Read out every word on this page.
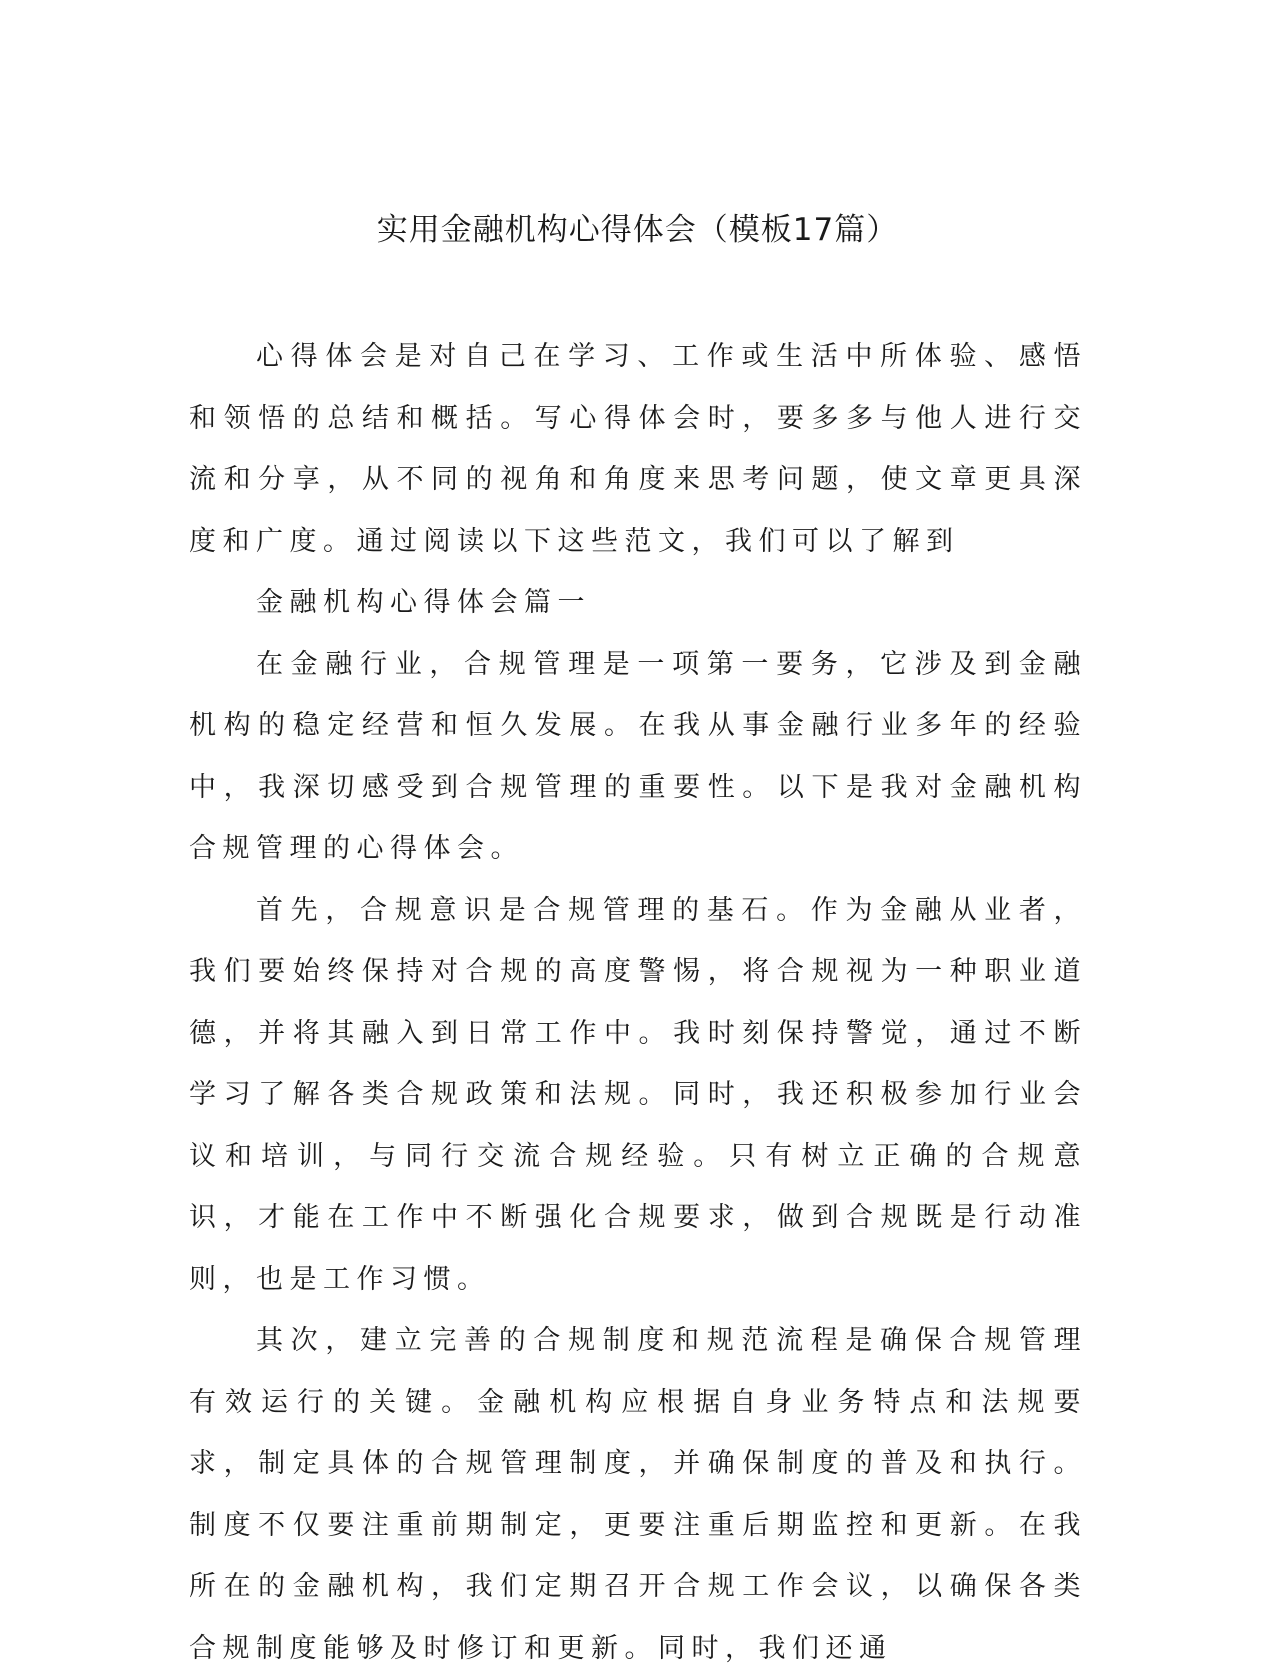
实用金融机构心得体会（模板17篇）

心得体会是对自己在学习、工作或生活中所体验、感悟和领悟的总结和概括。写心得体会时，要多多与他人进行交流和分享，从不同的视角和角度来思考问题，使文章更具深度和广度。通过阅读以下这些范文，我们可以了解到

金融机构心得体会篇一

在金融行业，合规管理是一项第一要务，它涉及到金融机构的稳定经营和恒久发展。在我从事金融行业多年的经验中，我深切感受到合规管理的重要性。以下是我对金融机构合规管理的心得体会。

首先，合规意识是合规管理的基石。作为金融从业者，我们要始终保持对合规的高度警惕，将合规视为一种职业道德，并将其融入到日常工作中。我时刻保持警觉，通过不断学习了解各类合规政策和法规。同时，我还积极参加行业会议和培训，与同行交流合规经验。只有树立正确的合规意识，才能在工作中不断强化合规要求，做到合规既是行动准则，也是工作习惯。

其次，建立完善的合规制度和规范流程是确保合规管理有效运行的关键。金融机构应根据自身业务特点和法规要求，制定具体的合规管理制度，并确保制度的普及和执行。制度不仅要注重前期制定，更要注重后期监控和更新。在我所在的金融机构，我们定期召开合规工作会议，以确保各类合规制度能够及时修订和更新。同时，我们还通
